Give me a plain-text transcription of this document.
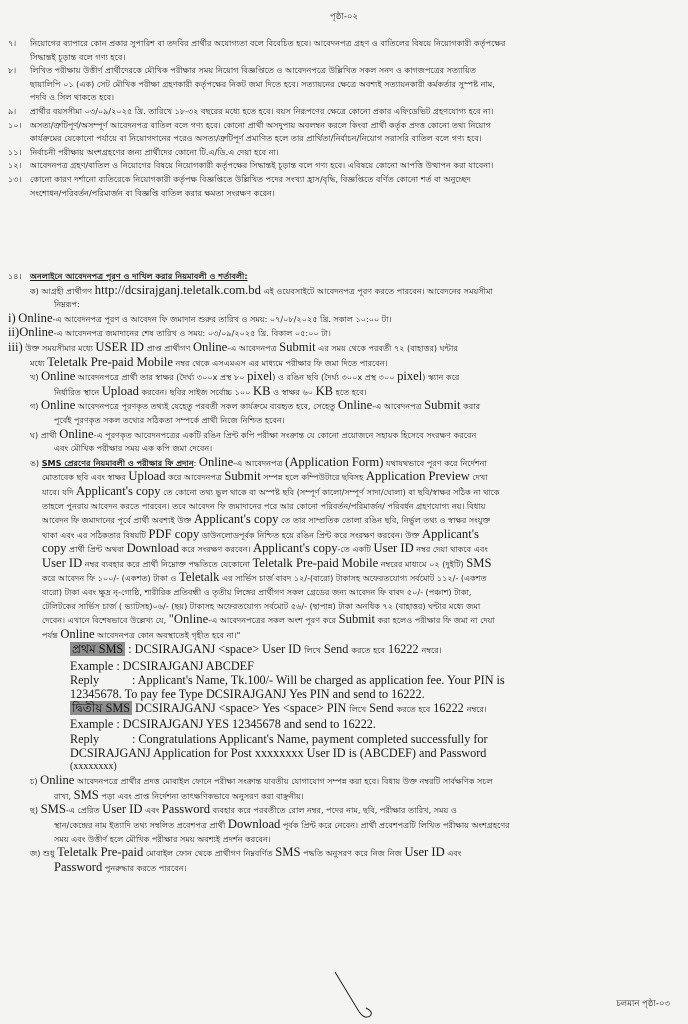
পৃষ্ঠা-০২
৭। নিয়োগের ব্যাপারে কোন প্রকার সুপারিশ বা তদবির প্রার্থীর অযোগ্যতা বলে বিবেচিত হবে। আবেদনপত্র গ্রহণ ও বাতিলের বিষয়ে নিয়োগকারী কর্তৃপক্ষের
সিদ্ধান্তই চূড়ান্ত বলে গণ্য হবে।
৮। লিখিত পরীক্ষায় উত্তীর্ণ প্রার্থীদেরকে মৌখিক পরীক্ষার সময় নিয়োগ বিজ্ঞপ্তিতে ও আবেদনপত্রে উল্লিখিত সকল সনদ ও কাগজপত্রের সত্যায়িত
ছায়ালিপি ০১ (এক) সেট মৌখিক পরীক্ষা গ্রহণকারী কর্তৃপক্ষের নিকট জমা দিতে হবে। সত্যায়নের ক্ষেত্রে অবশ্যই সত্যায়নকারী কর্মকর্তার সুস্পষ্ট নাম,
পদবি ও সিল থাকতে হবে।
৯। প্রার্থীর বয়সসীমা ০৩/০৯/২০২৫ খ্রি. তারিখে ১৮-৩২ বছরের মধ্যে হতে হবে। বয়স নিরূপণের ক্ষেত্রে কোনো প্রকার এফিডেভিট গ্রহণযোগ্য হবে না।
১০। অসত্য/ত্রুটিপূর্ণ/অসম্পূর্ণ আবেদনপত্র বাতিল বলে গণ্য হবে। কোনো প্রার্থী অসদুপায় অবলম্বন করলে কিংবা প্রার্থী কর্তৃক প্রদত্ত কোনো তথ্য নিয়োগ
কার্যক্রমের যেকোনো পর্যায়ে বা নিয়োগদানের পরেও অসত্য/ত্রুটিপূর্ণ প্রমাণিত হলে তার প্রার্থিতা/নির্বাচন/নিয়োগ সরাসরি বাতিল বলে গণ্য হবে।
১১। নির্বাচনী পরীক্ষায় অংশগ্রহণের জন্য প্রার্থীদের কোনো টি.এ/ডি.এ দেয়া হবে না।
১২। আবেদনপত্র গ্রহণ/বাতিল ও নিয়োগের বিষয়ে নিয়োগকারী কর্তৃপক্ষের সিদ্ধান্তই চূড়ান্ত বলে গণ্য হবে। এবিষয়ে কোনো আপত্তি উত্থাপন করা যাবেনা।
১৩। কোনো কারণ দর্শানো ব্যতিরেকে নিয়োগকারী কর্তৃপক্ষ বিজ্ঞপ্তিতে উল্লিখিত পদের সংখ্যা হ্রাস/বৃদ্ধি, বিজ্ঞপ্তিতে বর্ণিত কোনো শর্ত বা অনুচ্ছেদ
সংশোধন/পরিবর্তন/পরিমার্জন বা বিজ্ঞপ্তি বাতিল করার ক্ষমতা সংরক্ষণ করেন।
১৪। অনলাইনে আবেদনপত্র পূরণ ও দাখিল করার নিয়মাবলী ও শর্তাবলী:
ক) আগ্রহী প্রার্থীগণ http://dcsirajganj.teletalk.com.bd এই ওয়েবসাইটে আবেদনপত্র পূরণ করতে পারবেন। আবেদনের সময়সীমা
নিম্নরূপ:
i) Online-এ আবেদনপত্র পূরণ ও আবেদন ফি জমাদান শুরুর তারিখ ও সময়: ০৭/০৮/২০২৫ খ্রি. সকাল ১০:০০ টা।
ii)Online-এ আবেদনপত্র জমাদানের শেষ তারিখ ও সময়: ০৩/০৯/২০২৫ খ্রি. বিকাল ০৫:০০ টা।
iii) উক্ত সময়সীমার মধ্যে USER ID প্রাপ্ত প্রার্থীগণ Online-এ আবেদনপত্র Submit এর সময় থেকে পরবর্তী ৭২ (বাহাত্তর) ঘন্টার
মধ্যে Teletalk Pre-paid Mobile নম্বর থেকে এসএমএস এর মাধ্যমে পরীক্ষার ফি জমা দিতে পারবেন।
খ) Online আবেদনপত্রে প্রার্থী তার স্বাক্ষর (দৈর্ঘ্য ৩০০x প্রস্থ ৮০ pixel) ও রঙিন ছবি (দৈর্ঘ্য ৩০০x প্রস্থ ৩০০ pixel) স্ক্যান করে
নির্ধারিত স্থানে Upload করবেন। ছবির সাইজ সর্বোচ্চ ১০০ KB ও স্বাক্ষর ৬০ KB হতে হবে।
গ) Online আবেদনপত্রে পূরণকৃত তথ্যই যেহেতু পরবর্তী সকল কার্যক্রমে ব্যবহৃত হবে, সেহেতু Online-এ আবেদনপত্র Submit করার
পূর্বেই পূরণকৃত সকল তথ্যের সঠিকতা সম্পর্কে প্রার্থী নিজে নিশ্চিত হবেন।
ঘ) প্রার্থী Online-এ পূরণকৃত আবেদনপত্রের একটি রঙিন প্রিন্ট কপি পরীক্ষা সংক্রান্ত যে কোনো প্রয়োজনে সহায়ক হিসেবে সংরক্ষণ করবেন
এবং মৌখিক পরীক্ষার সময় এক কপি জমা দেবেন।
ঙ) SMS প্রেরণের নিয়মাবলী ও পরীক্ষার ফি প্রদান: Online-এ আবেদনপত্র (Application Form) যথাযথভাবে পূরণ করে নির্দেশনা
মোতাবেক ছবি এবং স্বাক্ষর Upload করে আবেদনপত্র Submit সম্পন্ন হলে কম্পিউটারে ছবিসহ Application Preview দেখা
যাবে। যদি Applicant's copy তে কোনো তথ্য ভুল থাকে বা অস্পষ্ট ছবি (সম্পূর্ণ কালো/সম্পূর্ণ সাদা/ঘোলা) বা ছবি/স্বাক্ষর সঠিক না থাকে
তাহলে পুনরায় আবেদন করতে পারবেন। তবে আবেদন ফি জমাদানের পরে আর কোনো পরিবর্তন/পরিমার্জন/ পরিবর্ধন গ্রহণযোগ্য নয়। বিধায়
আবেদন ফি জমাদানের পূর্বে প্রার্থী অবশ্যই উক্ত Applicant's copy তে তার সাম্প্রতিক তোলা রঙিন ছবি, নির্ভুল তথ্য ও স্বাক্ষর সংযুক্ত
থাকা এবং এর সঠিকতার বিষয়টি PDF copy ডাউনলোডপূর্বক নিশ্চিত হয়ে রঙিন প্রিন্ট করে সংরক্ষণ করবেন। উক্ত Applicant's
copy প্রার্থী প্রিন্ট অথবা Download করে সংরক্ষণ করবেন। Applicant's copy-তে একটি User ID নম্বর দেয়া থাকবে এবং
User ID নম্বর ব্যবহার করে প্রার্থী নিম্নোক্ত পদ্ধতিতে যেকোনো Teletalk Pre-paid Mobile নম্বরের মাধ্যমে ০২ (দুইটি) SMS
করে আবেদন ফি ১০০/- (একশত) টাকা ও Teletalk এর সার্ভিস চার্জ বাবদ ১২/-(বারো) টাকাসহ অফেরতযোগ্য সর্বমোট ১১২/- (একশত
বারো) টাকা এবং ক্ষুদ্র নৃ-গোষ্ঠি, শারীরিক প্রতিবন্ধী ও তৃতীয় লিঙ্গের প্রার্থীগণ সকল গ্রেডের জন্য আবেদন ফি বাবদ ৫০/- (পঞ্চাশ) টাকা,
টেলিটকের সার্ভিস চার্জ ( ভ্যাটসহ)০৬/- (ছয়) টাকাসহ অফেরতযোগ্য সর্বমোট ৫৬/- (ছাপান্ন) টাকা অনধিক ৭২ (বাহাত্তর) ঘন্টার মধ্যে জমা
দেবেন। এখানে বিশেষভাবে উল্লেখ্য যে, "Online-এ আবেদনপত্রের সকল অংশ পূরণ করে Submit করা হলেও পরীক্ষার ফি জমা না দেয়া
পর্যন্ত Online আবেদনপত্র কোন অবস্থাতেই গৃহীত হবে না।"
প্রথম SMS : DCSIRAJGANJ <space> User ID লিখে Send করতে হবে 16222 নম্বরে।
Example : DCSIRAJGANJ ABCDEF
Reply	: Applicant's Name, Tk.100/- Will be charged as application fee. Your PIN is
12345678. To pay fee Type DCSIRAJGANJ Yes PIN and send to 16222.
দ্বিতীয় SMS DCSIRAJGANJ <space> Yes <space> PIN লিখে Send করতে হবে 16222 নম্বরে।
Example : DCSIRAJGANJ YES 12345678 and send to 16222.
Reply	: Congratulations Applicant's Name, payment completed successfully for
DCSIRAJGANJ Application for Post xxxxxxxx User ID is (ABCDEF) and Password
(xxxxxxxx)
চ) Online আবেদনপত্রে প্রার্থীর প্রদত্ত মোবাইল ফোনে পরীক্ষা সংক্রান্ত যাবতীয় যোগাযোগ সম্পন্ন করা হবে। বিধায় উক্ত নম্বরটি সার্বক্ষণিক সচল
রাখা, SMS পড়া এবং প্রাপ্ত নির্দেশনা তাৎক্ষণিকভাবে অনুসরণ করা বাঞ্ছনীয়।
ছ) SMS-এ প্রেরিত User ID এবং Password ব্যবহার করে পরবর্তীতে রোল নম্বর, পদের নাম, ছবি, পরীক্ষার তারিখ, সময় ও
স্থান/কেন্দ্রের নাম ইত্যাদি তথ্য সম্বলিত প্রবেশপত্র প্রার্থী Download পূর্বক প্রিন্ট করে নেবেন। প্রার্থী প্রবেশপত্রটি লিখিত পরীক্ষায় অংশগ্রহণের
সময় এবং উত্তীর্ণ হলে মৌখিক পরীক্ষার সময় অবশ্যই প্রদর্শন করবেন।
জ) শুধু Teletalk Pre-paid মোবাইল ফোন থেকে প্রার্থীগণ নিম্নবর্ণিত SMS পদ্ধতি অনুসরণ করে নিজ নিজ User ID এবং
Password পুনরুদ্ধার করতে পারবেন।
চলমান পৃষ্ঠা-০৩
